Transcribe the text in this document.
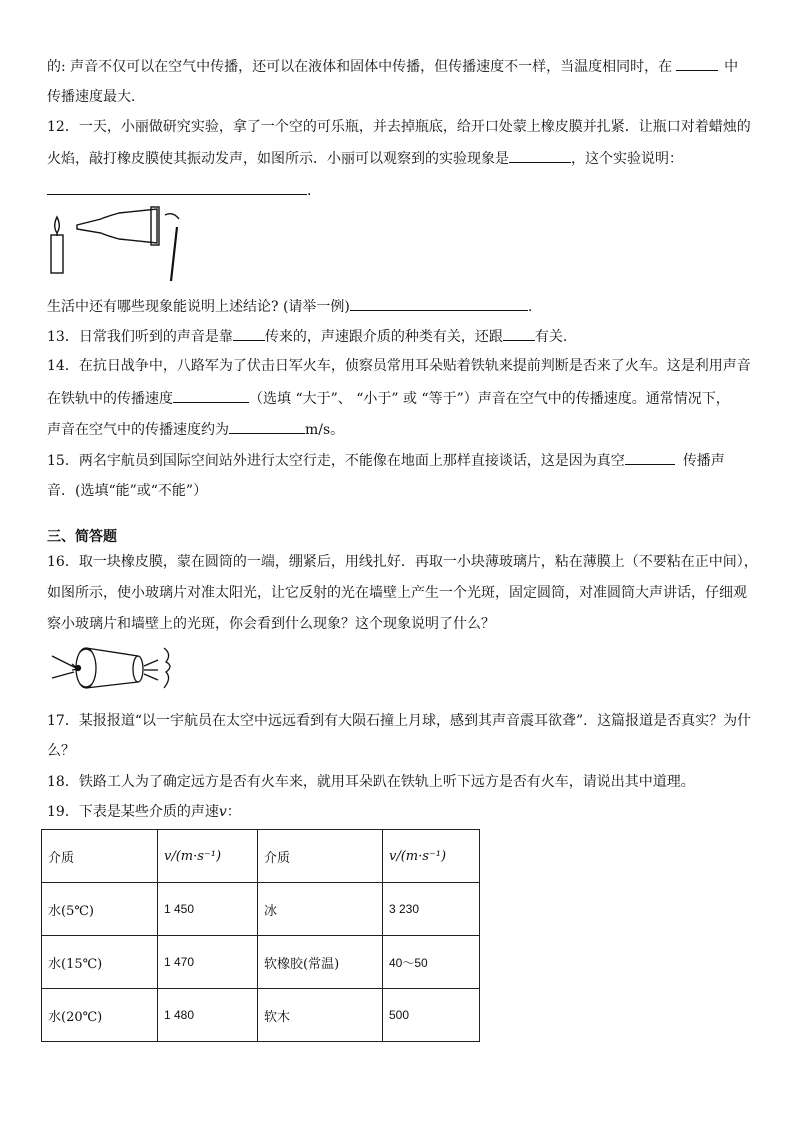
的: 声音不仅可以在空气中传播，还可以在液体和固体中传播，但传播速度不一样，当温度相同时，在	中
传播速度最大．
12．一天，小丽做研究实验，拿了一个空的可乐瓶，并去掉瓶底，给开口处蒙上橡皮膜并扎紧．让瓶口对着蜡烛的
火焰，敲打橡皮膜使其振动发声，如图所示．小丽可以观察到的实验现象是	，这个实验说明：
.
生活中还有哪些现象能说明上述结论? (请举一例)	.
13．日常我们听到的声音是靠 传来的，声速跟介质的种类有关，还跟 有关．
14．在抗日战争中，八路军为了伏击日军火车，侦察员常用耳朵贴着铁轨来提前判断是否来了火车。这是利用声音
在铁轨中的传播速度	（选填 “大于”、 “小于” 或 “等于”）声音在空气中的传播速度。通常情况下，
声音在空气中的传播速度约为	m/s。
15．两名宇航员到国际空间站外进行太空行走，不能像在地面上那样直接谈话，这是因为真空	传播声
音．(选填“能”或“不能”）
三、简答题
16．取一块橡皮膜，蒙在圆筒的一端，绷紧后，用线扎好．再取一小块薄玻璃片，粘在薄膜上（不要粘在正中间），
如图所示，使小玻璃片对准太阳光，让它反射的光在墙壁上产生一个光斑，固定圆筒，对准圆筒大声讲话，仔细观
察小玻璃片和墙壁上的光斑，你会看到什么现象？这个现象说明了什么？
17．某报报道“以一宇航员在太空中远远看到有大陨石撞上月球，感到其声音震耳欲聋”．这篇报道是否真实？为什
么？
18．铁路工人为了确定远方是否有火车来，就用耳朵趴在铁轨上听下远方是否有火车，请说出其中道理。
19．下表是某些介质的声速v：
介质	v/(m·s⁻¹)	介质	v/(m·s⁻¹)
水(5℃)	1 450	冰	3 230
水(15℃)	1 470	软橡胶(常温)	40～50
水(20℃)	1 480	软木	500
